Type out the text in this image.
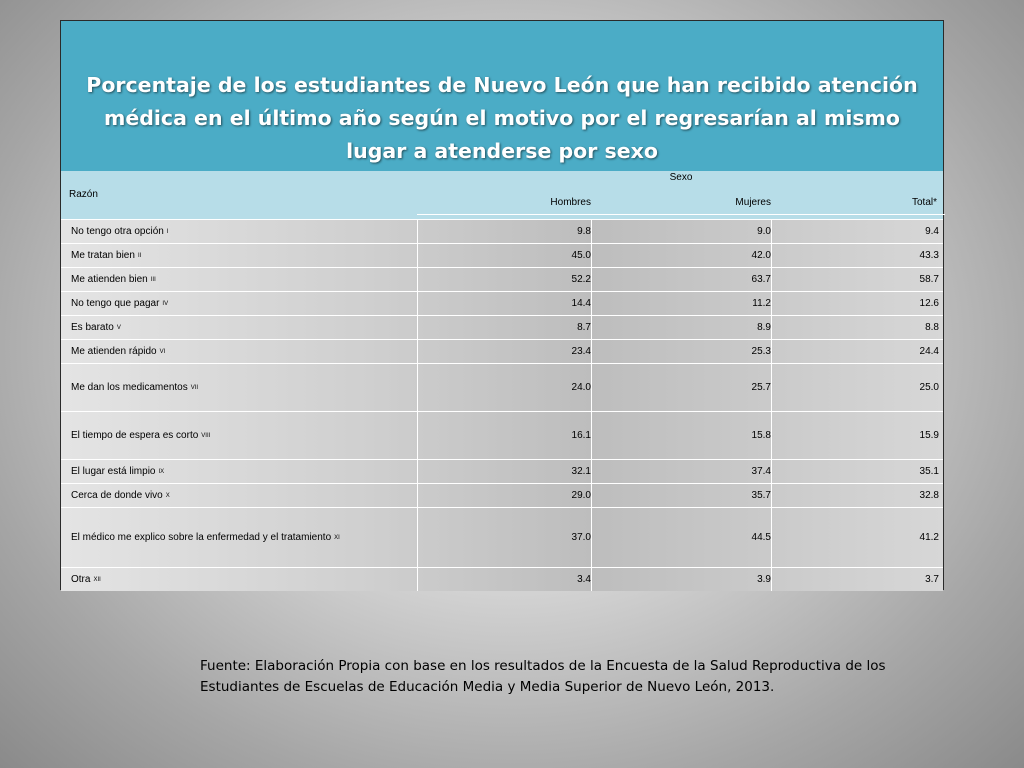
Porcentaje de los estudiantes de Nuevo León que han recibido atención médica en el último año según el motivo por el regresarían al mismo lugar a atenderse por sexo
Razón
Sexo
Hombres	Mujeres	Total*
No tengo otra opción I	9.8	9.0	9.4
Me tratan bien II	45.0	42.0	43.3
Me atienden bien III	52.2	63.7	58.7
No tengo que pagar IV	14.4	11.2	12.6
Es barato V	8.7	8.9	8.8
Me atienden rápido VI	23.4	25.3	24.4
Me dan los medicamentos VII	24.0	25.7	25.0
El tiempo de espera es corto VIII	16.1	15.8	15.9
El lugar está limpio IX	32.1	37.4	35.1
Cerca de donde vivo X	29.0	35.7	32.8
El médico me explico sobre la enfermedad y el tratamiento XI	37.0	44.5	41.2
Otra XII	3.4	3.9	3.7
Fuente: Elaboración Propia con base en los resultados de la Encuesta de la Salud Reproductiva de los Estudiantes de Escuelas de Educación Media y Media Superior de Nuevo León, 2013.
